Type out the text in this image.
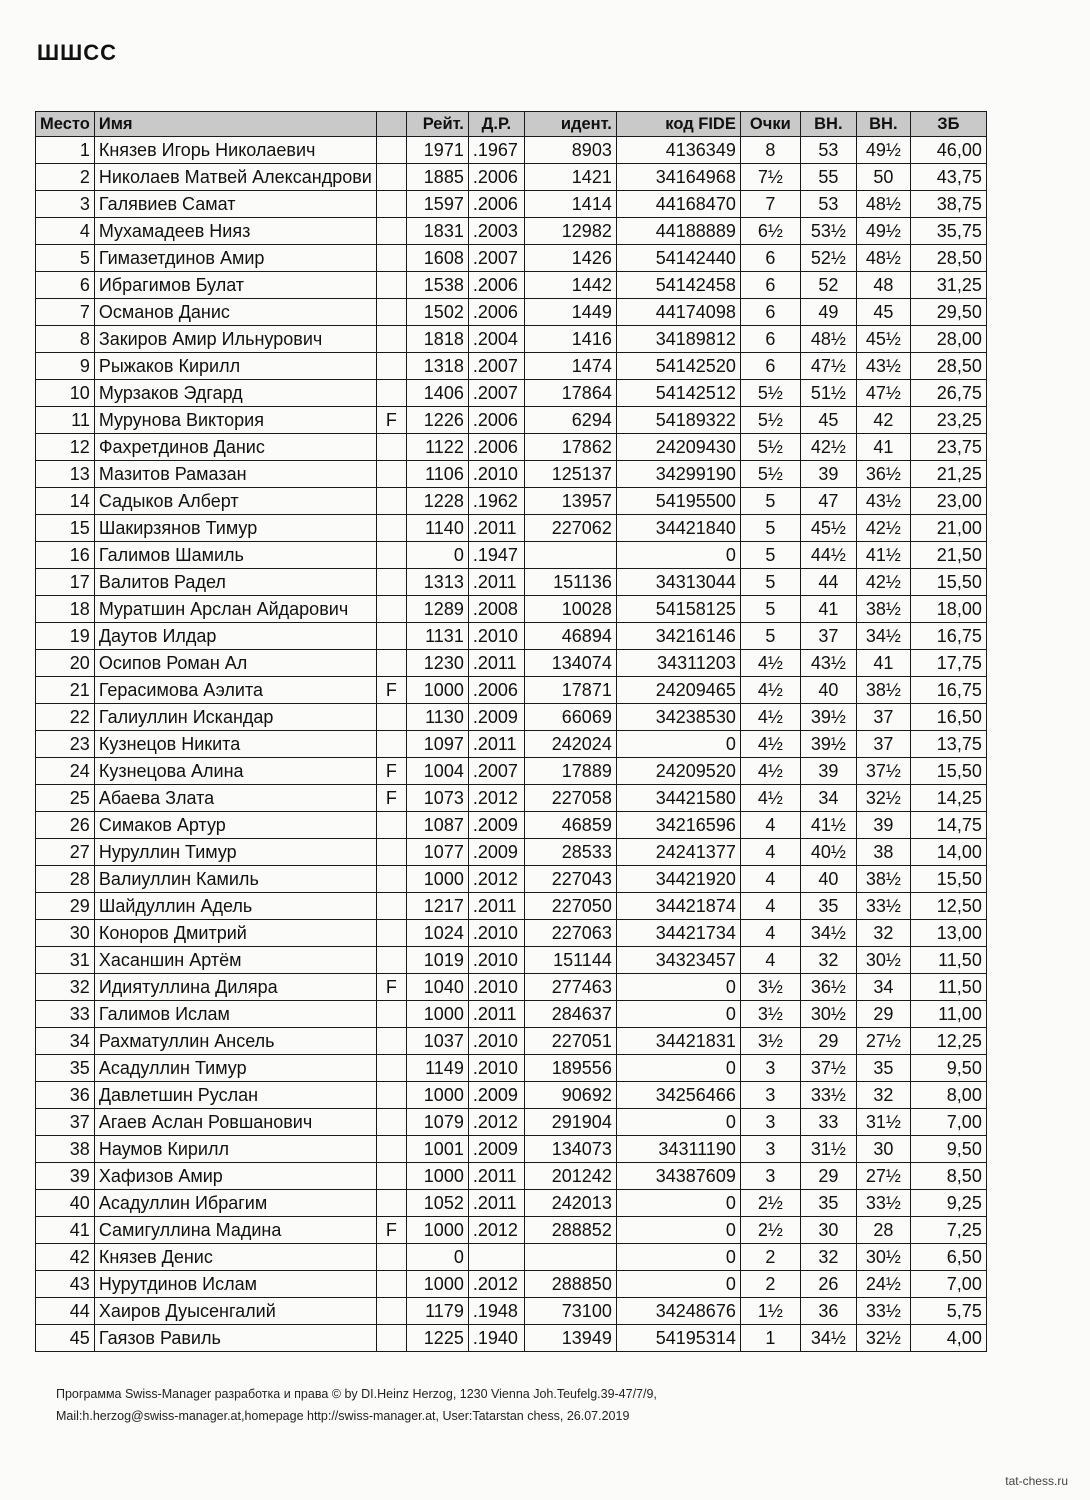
ШШСС
Место	Имя		Рейт.	Д.Р.	идент.	код FIDE	Очки	ВН.	ВН.	ЗБ
1	Князев Игорь Николаевич		1971	.1967	8903	4136349	8	53	49½	46,00
2	Николаев Матвей Александрови		1885	.2006	1421	34164968	7½	55	50	43,75
3	Галявиев Самат		1597	.2006	1414	44168470	7	53	48½	38,75
4	Мухамадеев Нияз		1831	.2003	12982	44188889	6½	53½	49½	35,75
5	Гимазетдинов Амир		1608	.2007	1426	54142440	6	52½	48½	28,50
6	Ибрагимов Булат		1538	.2006	1442	54142458	6	52	48	31,25
7	Османов Данис		1502	.2006	1449	44174098	6	49	45	29,50
8	Закиров Амир Ильнурович		1818	.2004	1416	34189812	6	48½	45½	28,00
9	Рыжаков Кирилл		1318	.2007	1474	54142520	6	47½	43½	28,50
10	Мурзаков Эдгард		1406	.2007	17864	54142512	5½	51½	47½	26,75
11	Мурунова Виктория	F	1226	.2006	6294	54189322	5½	45	42	23,25
12	Фахретдинов Данис		1122	.2006	17862	24209430	5½	42½	41	23,75
13	Мазитов Рамазан		1106	.2010	125137	34299190	5½	39	36½	21,25
14	Садыков Алберт		1228	.1962	13957	54195500	5	47	43½	23,00
15	Шакирзянов Тимур		1140	.2011	227062	34421840	5	45½	42½	21,00
16	Галимов Шамиль		0	.1947		0	5	44½	41½	21,50
17	Валитов Радел		1313	.2011	151136	34313044	5	44	42½	15,50
18	Муратшин Арслан Айдарович		1289	.2008	10028	54158125	5	41	38½	18,00
19	Даутов Илдар		1131	.2010	46894	34216146	5	37	34½	16,75
20	Осипов Роман Ал		1230	.2011	134074	34311203	4½	43½	41	17,75
21	Герасимова Аэлита	F	1000	.2006	17871	24209465	4½	40	38½	16,75
22	Галиуллин Искандар		1130	.2009	66069	34238530	4½	39½	37	16,50
23	Кузнецов Никита		1097	.2011	242024	0	4½	39½	37	13,75
24	Кузнецова Алина	F	1004	.2007	17889	24209520	4½	39	37½	15,50
25	Абаева Злата	F	1073	.2012	227058	34421580	4½	34	32½	14,25
26	Симаков Артур		1087	.2009	46859	34216596	4	41½	39	14,75
27	Нуруллин Тимур		1077	.2009	28533	24241377	4	40½	38	14,00
28	Валиуллин Камиль		1000	.2012	227043	34421920	4	40	38½	15,50
29	Шайдуллин Адель		1217	.2011	227050	34421874	4	35	33½	12,50
30	Коноров Дмитрий		1024	.2010	227063	34421734	4	34½	32	13,00
31	Хасаншин Артём		1019	.2010	151144	34323457	4	32	30½	11,50
32	Идиятуллина Диляра	F	1040	.2010	277463	0	3½	36½	34	11,50
33	Галимов Ислам		1000	.2011	284637	0	3½	30½	29	11,00
34	Рахматуллин Ансель		1037	.2010	227051	34421831	3½	29	27½	12,25
35	Асадуллин Тимур		1149	.2010	189556	0	3	37½	35	9,50
36	Давлетшин Руслан		1000	.2009	90692	34256466	3	33½	32	8,00
37	Агаев Аслан Ровшанович		1079	.2012	291904	0	3	33	31½	7,00
38	Наумов Кирилл		1001	.2009	134073	34311190	3	31½	30	9,50
39	Хафизов Амир		1000	.2011	201242	34387609	3	29	27½	8,50
40	Асадуллин Ибрагим		1052	.2011	242013	0	2½	35	33½	9,25
41	Самигуллина Мадина	F	1000	.2012	288852	0	2½	30	28	7,25
42	Князев Денис		0			0	2	32	30½	6,50
43	Нурутдинов Ислам		1000	.2012	288850	0	2	26	24½	7,00
44	Хаиров Дуысенгалий		1179	.1948	73100	34248676	1½	36	33½	5,75
45	Гаязов Равиль		1225	.1940	13949	54195314	1	34½	32½	4,00
Программа Swiss-Manager разработка и права © by DI.Heinz Herzog, 1230 Vienna Joh.Teufelg.39-47/7/9,
Mail:h.herzog@swiss-manager.at,homepage http://swiss-manager.at, User:Tatarstan chess, 26.07.2019
tat-chess.ru
